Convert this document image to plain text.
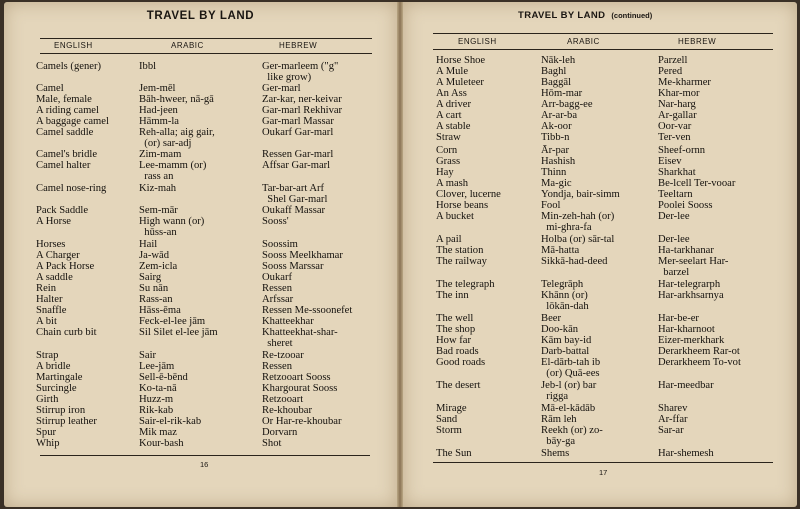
TRAVEL BY LAND
ENGLISH	ARABIC	HEBREW
Camels (gener)	Ibbl	Ger-marleem ("g"
like grow)
Camel	Jem-mēl	Ger-marl
Male, female	Bāh-hweer, nā-gā	Zar-kar, ner-keivar
A riding camel	Had-jeen	Gar-marl Rekhivar
A baggage camel	Hāmm-la	Gar-marl Massar
Camel saddle	Reh-alla; aig gair,	Oukarf Gar-marl
(or) sar-adj
Camel's bridle	Zim-mam	Ressen Gar-marl
Camel halter	Lee-mamm (or)	Affsar Gar-marl
rass an
Camel nose-ring	Kiz-mah	Tar-bar-art Arf
Shel Gar-marl
Pack Saddle	Sem-mār	Oukaff Massar
A Horse	High wann (or)	Sooss'
hūss-an
Horses	Hail	Soossim
A Charger	Ja-wād	Sooss Meelkhamar
A Pack Horse	Zem-icla	Sooss Marssar
A saddle	Sairg	Oukarf
Rein	Su nān	Ressen
Halter	Rass-an	Arfssar
Snaffle	Hāss-ēma	Ressen Me-ssoonefet
A bit	Feck-el-lee jām	Khatteekhar
Chain curb bit	Sil Silet el-lee jām	Khatteekhat-shar-
sheret
Strap	Sair	Re-tzooar
A bridle	Lee-jām	Ressen
Martingale	Sell-ē-bēnd	Retzooart Sooss
Surcingle	Ko-ta-nā	Khargourat Sooss
Girth	Huzz-m	Retzooart
Stirrup iron	Rik-kab	Re-khoubar
Stirrup leather	Sair-el-rik-kab	Or Har-re-khoubar
Spur	Mik maz	Dorvarn
Whip	Kour-bash	Shot
16
TRAVEL BY LAND (continued)
ENGLISH	ARABIC	HEBREW
Horse Shoe	Nāk-leh	Parzell
A Mule	Baghl	Pered
A Muleteer	Baggāl	Me-kharmer
An Ass	Hōm-mar	Khar-mor
A driver	Arr-bagg-ee	Nar-harg
A cart	Ar-ar-ba	Ar-gallar
A stable	Ak-oor	Oor-var
Straw	Tibb-n	Ter-ven
Corn	Ār-par	Sheef-ornn
Grass	Hashish	Eisev
Hay	Thinn	Sharkhat
A mash	Ma-gic	Be-lcell Ter-vooar
Clover, lucerne	Yondja, bair-simm	Teeltarn
Horse beans	Fool	Poolei Sooss
A bucket	Min-zeh-hah (or)	Der-lee
mi-ghra-fa
A pail	Holba (or) sār-tal	Der-lee
The station	Mā-hatta	Ha-tarkhanar
The railway	Sikkā-had-deed	Mer-seelart Har-
barzel
The telegraph	Telegrāph	Har-telegrarph
The inn	Khānn (or)	Har-arkhsarnya
lōkān-dah
The well	Beer	Har-be-er
The shop	Doo-kān	Har-kharnoot
How far	Kām bay-id	Eizer-merkhark
Bad roads	Darb-battal	Derarkheem Rar-ot
Good roads	El-dārb-tah ib	Derarkheem To-vot
(or) Quā-ees
The desert	Jeb-l (or) bar	Har-meedbar
rigga
Mirage	Mā-el-kādāb	Sharev
Sand	Rām leh	Ar-ffar
Storm	Reekh (or) zo-	Sar-ar
bāy-ga
The Sun	Shems	Har-shemesh
17
